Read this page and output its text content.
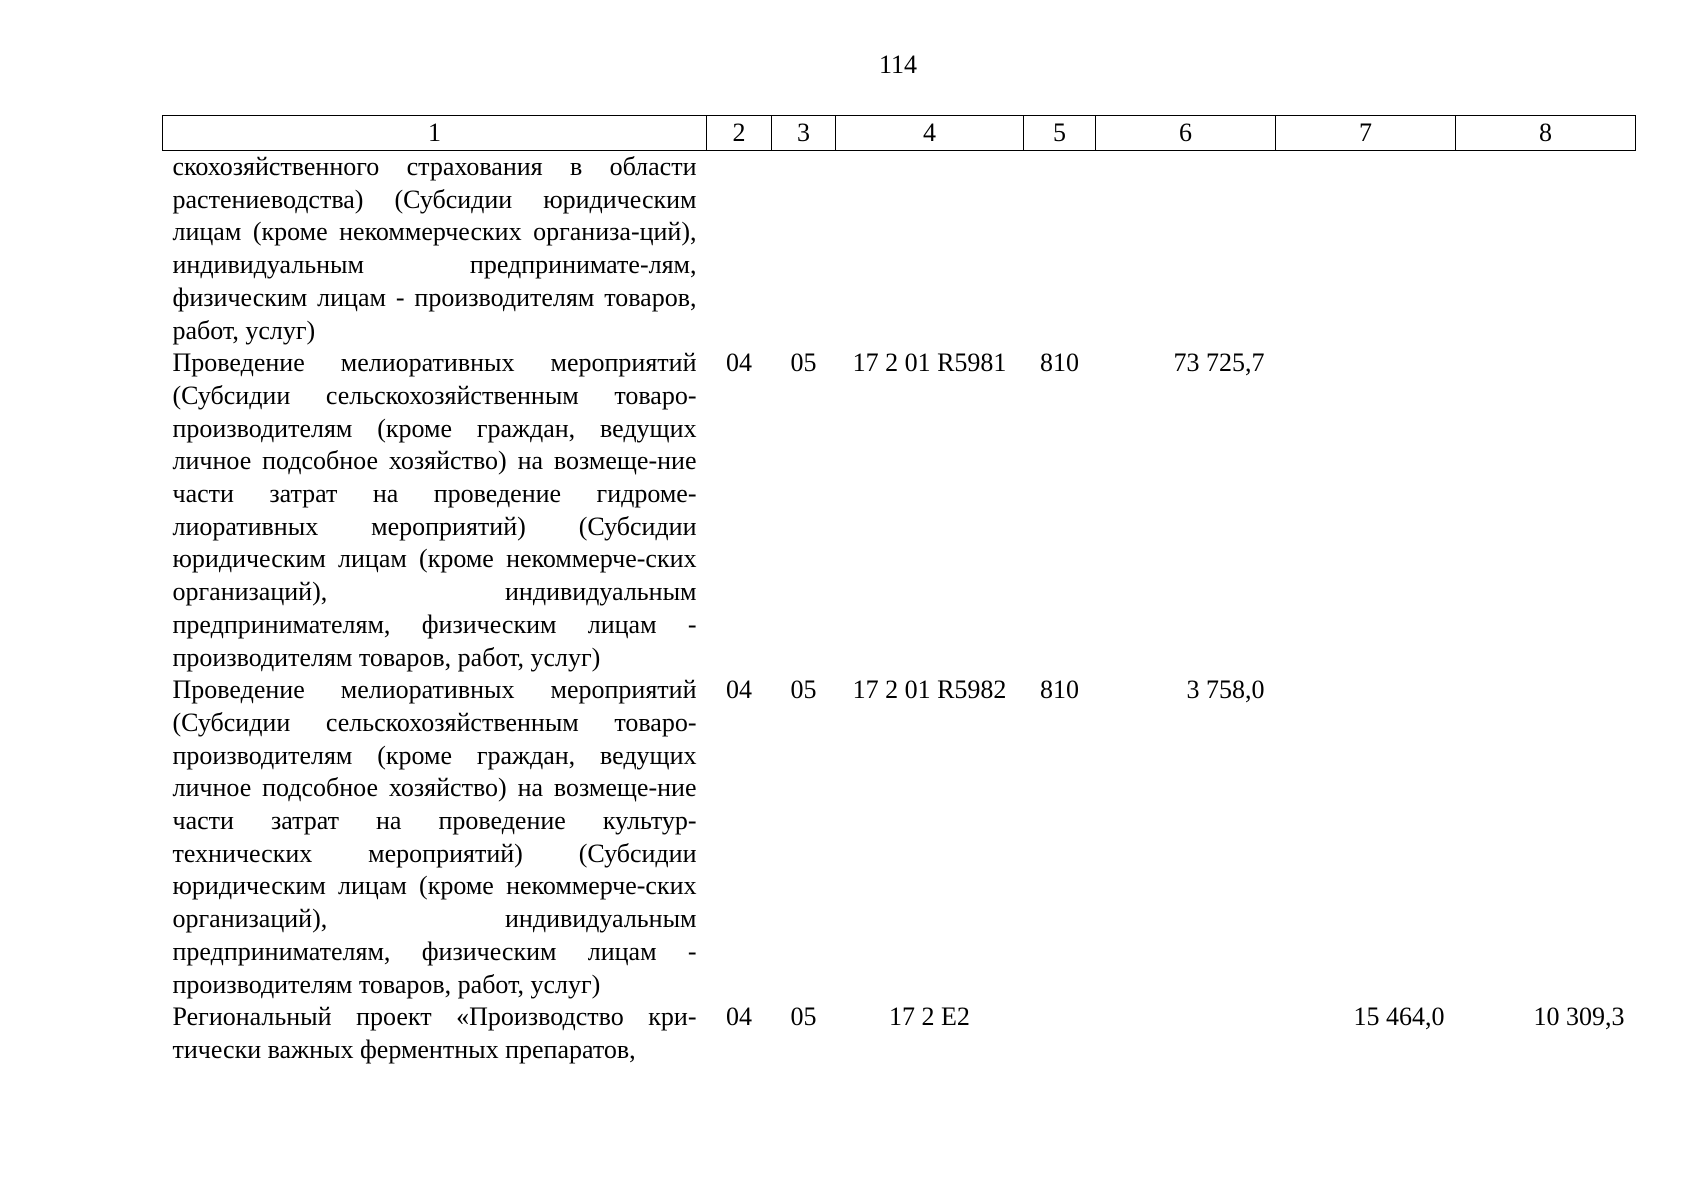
114
1	2	3	4	5	6	7	8
скохозяйственного страхования в области растениеводства) (Субсидии юридическим лицам (кроме некоммерческих организа-ций), индивидуальным предпринимате-лям, физическим лицам - производителям товаров, работ, услуг)							
Проведение мелиоративных мероприятий (Субсидии сельскохозяйственным товаро-производителям (кроме граждан, ведущих личное подсобное хозяйство) на возмеще-ние части затрат на проведение гидроме-лиоративных мероприятий) (Субсидии юридическим лицам (кроме некоммерче-ских организаций), индивидуальным предпринимателям, физическим лицам - производителям товаров, работ, услуг)	04	05	17 2 01 R5981	810	73 725,7		
Проведение мелиоративных мероприятий (Субсидии сельскохозяйственным товаро-производителям (кроме граждан, ведущих личное подсобное хозяйство) на возмеще-ние части затрат на проведение культур-технических мероприятий) (Субсидии юридическим лицам (кроме некоммерче-ских организаций), индивидуальным предпринимателям, физическим лицам - производителям товаров, работ, услуг)	04	05	17 2 01 R5982	810	3 758,0		
Региональный проект «Производство кри-тически важных ферментных препаратов,	04	05	17 2 E2			15 464,0	10 309,3
